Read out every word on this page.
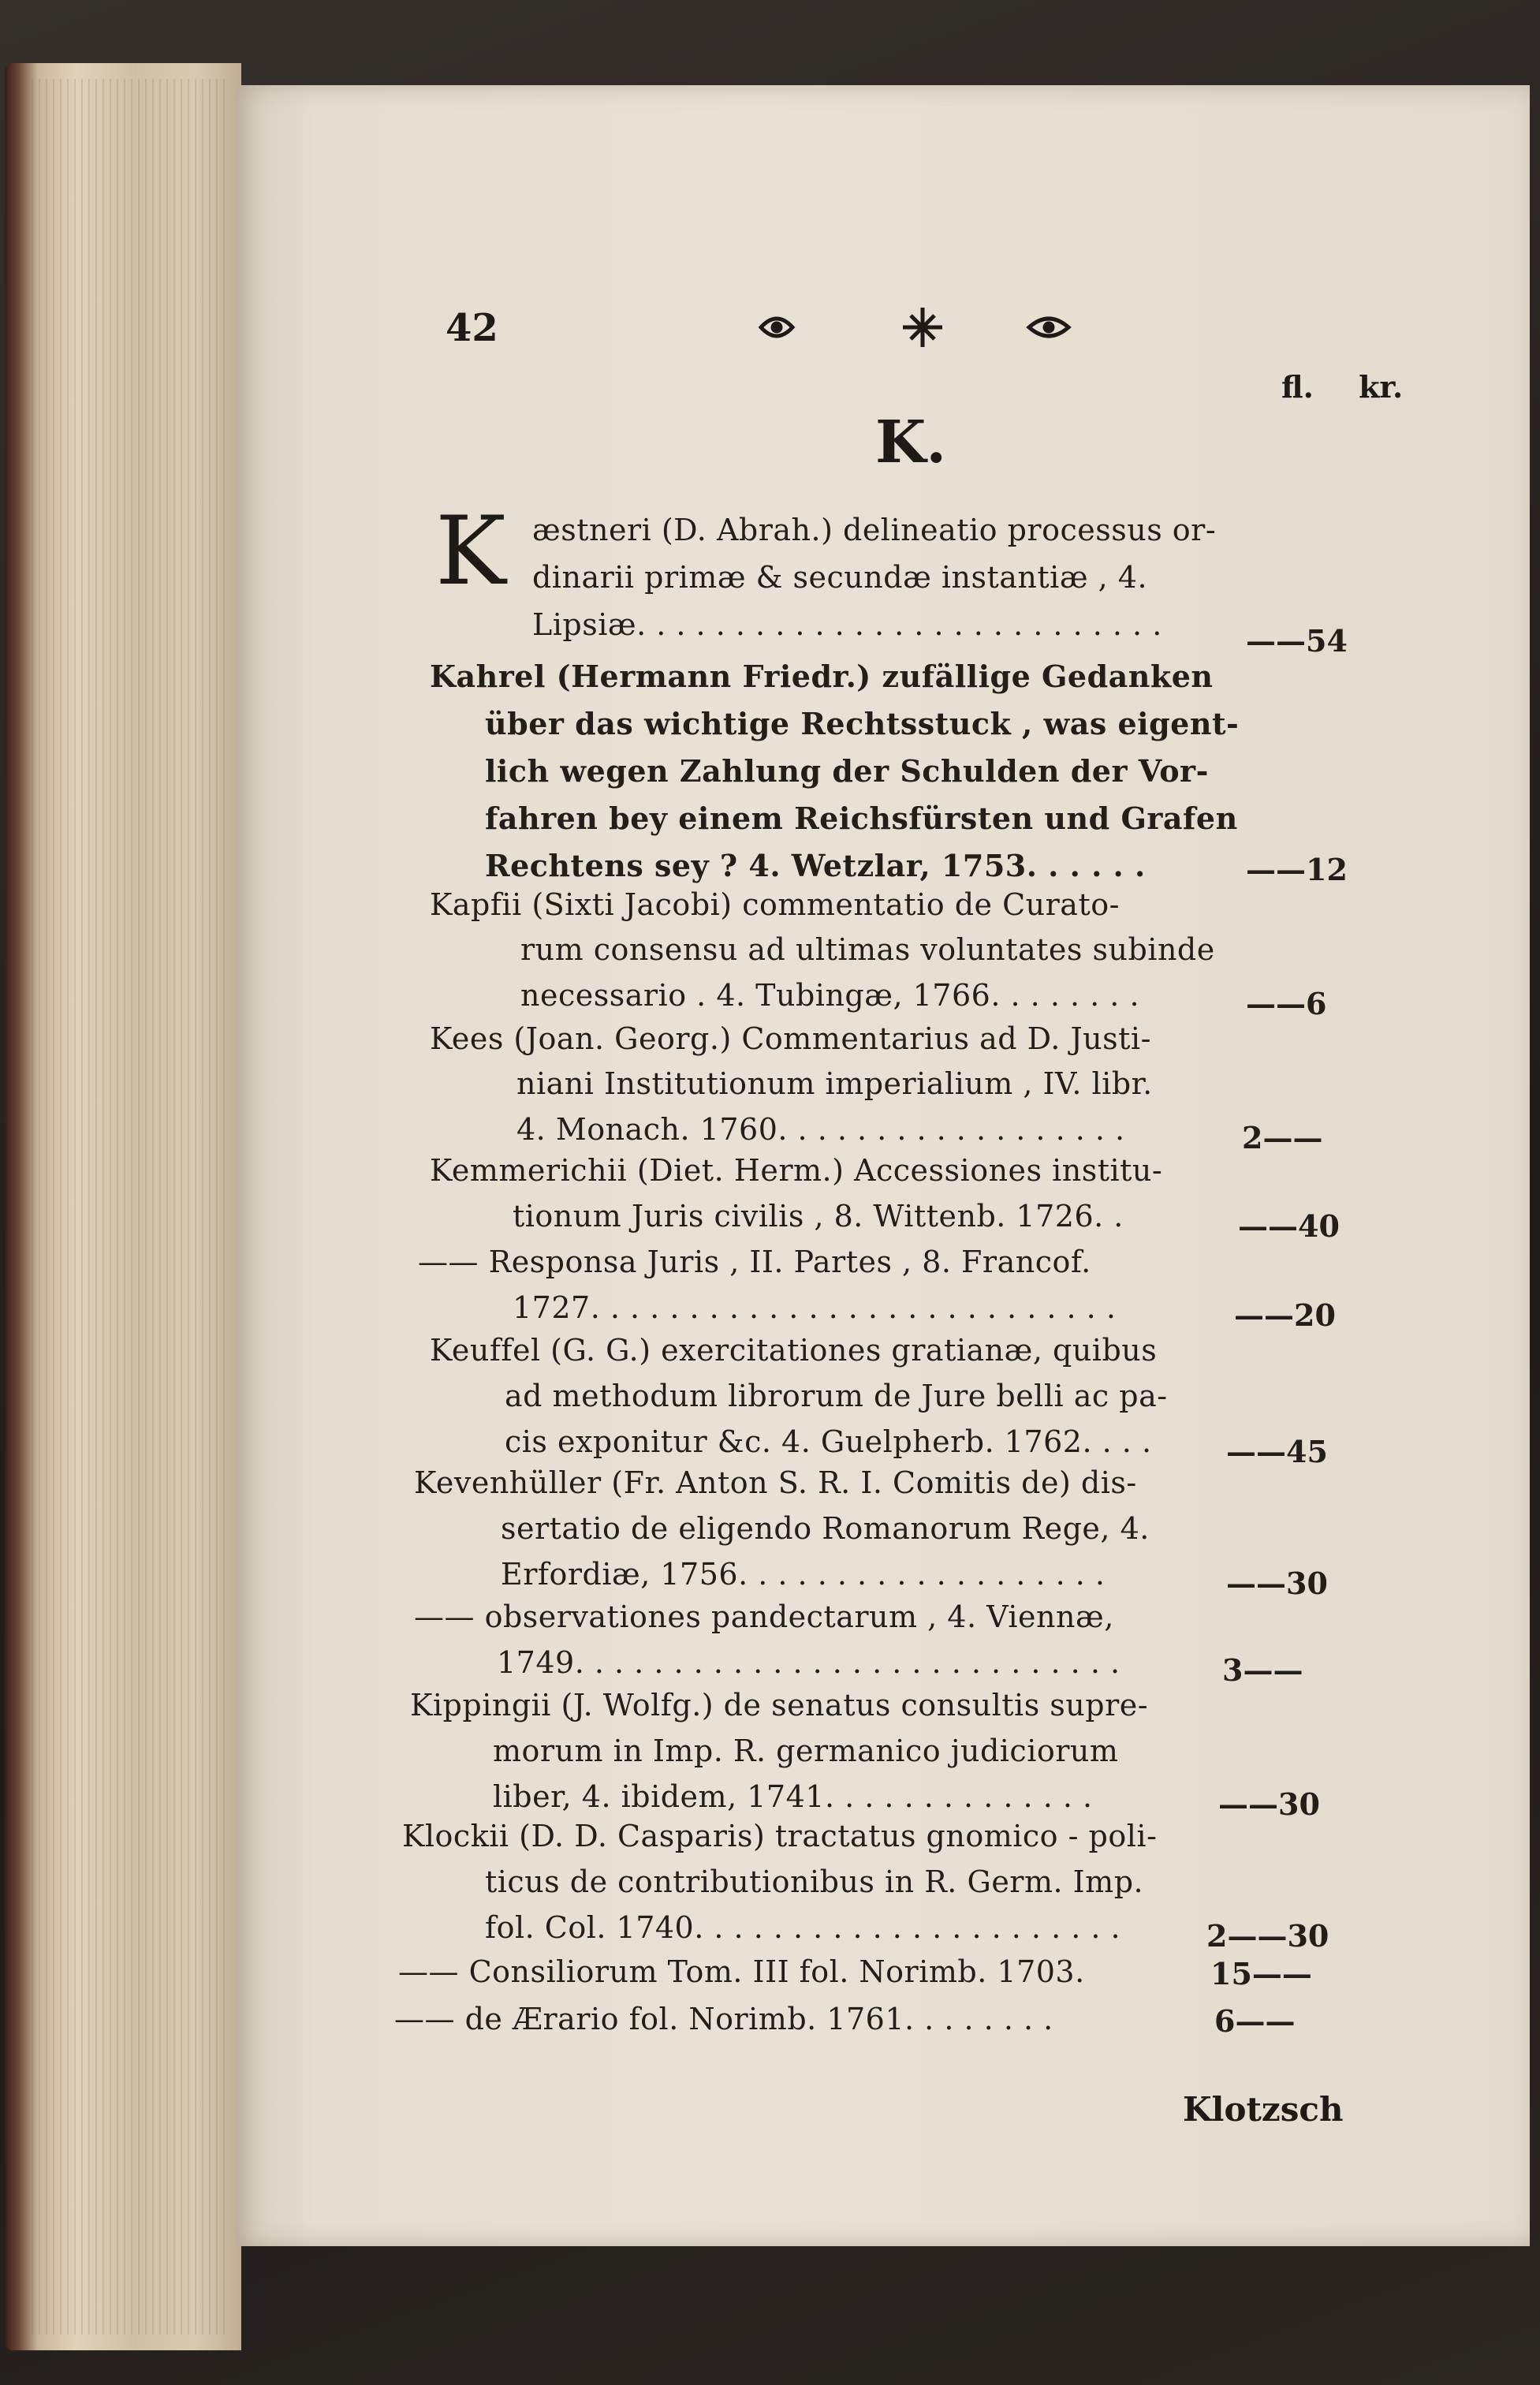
42
fl. kr.
K.
K æstneri (D. Abrah.) delineatio processus or-
dinarii primæ & secundæ instantiæ , 4.
Lipsiæ. . . . . . . . . . . . . . . . . . . . . . . . . . .	——54
Kahrel (Hermann Friedr.) zufällige Gedanken
über das wichtige Rechtsstuck , was eigent-
lich wegen Zahlung der Schulden der Vor-
fahren bey einem Reichsfürsten und Grafen
Rechtens sey ? 4. Wetzlar, 1753. . . . . .	——12
Kapfii (Sixti Jacobi) commentatio de Curato-
rum consensu ad ultimas voluntates subinde
necessario . 4. Tubingæ, 1766. . . . . . . .	——6
Kees (Joan. Georg.) Commentarius ad D. Justi-
niani Institutionum imperialium , IV. libr.
4. Monach. 1760. . . . . . . . . . . . . . . . . .	2——
Kemmerichii (Diet. Herm.) Accessiones institu-
tionum Juris civilis , 8. Wittenb. 1726. .	——40
—— Responsa Juris , II. Partes , 8. Francof.
1727. . . . . . . . . . . . . . . . . . . . . . . . . . .	——20
Keuffel (G. G.) exercitationes gratianæ, quibus
ad methodum librorum de Jure belli ac pa-
cis exponitur &c. 4. Guelpherb. 1762. . . . ——45
Kevenhüller (Fr. Anton S. R. I. Comitis de) dis-
sertatio de eligendo Romanorum Rege, 4.
Erfordiæ, 1756. . . . . . . . . . . . . . . . . . .	——30
—— observationes pandectarum , 4. Viennæ,
1749. . . . . . . . . . . . . . . . . . . . . . . . . . . .	3——
Kippingii (J. Wolfg.) de senatus consultis supre-
morum in Imp. R. germanico judiciorum
liber, 4. ibidem, 1741. . . . . . . . . . . . . .	——30
Klockii (D. D. Casparis) tractatus gnomico - poli-
ticus de contributionibus in R. Germ. Imp.
fol. Col. 1740. . . . . . . . . . . . . . . . . . . . . .	2——30
—— Consiliorum Tom. III fol. Norimb. 1703.	15——
—— de Ærario fol. Norimb. 1761. . . . . . . .	6——
Klotzsch
